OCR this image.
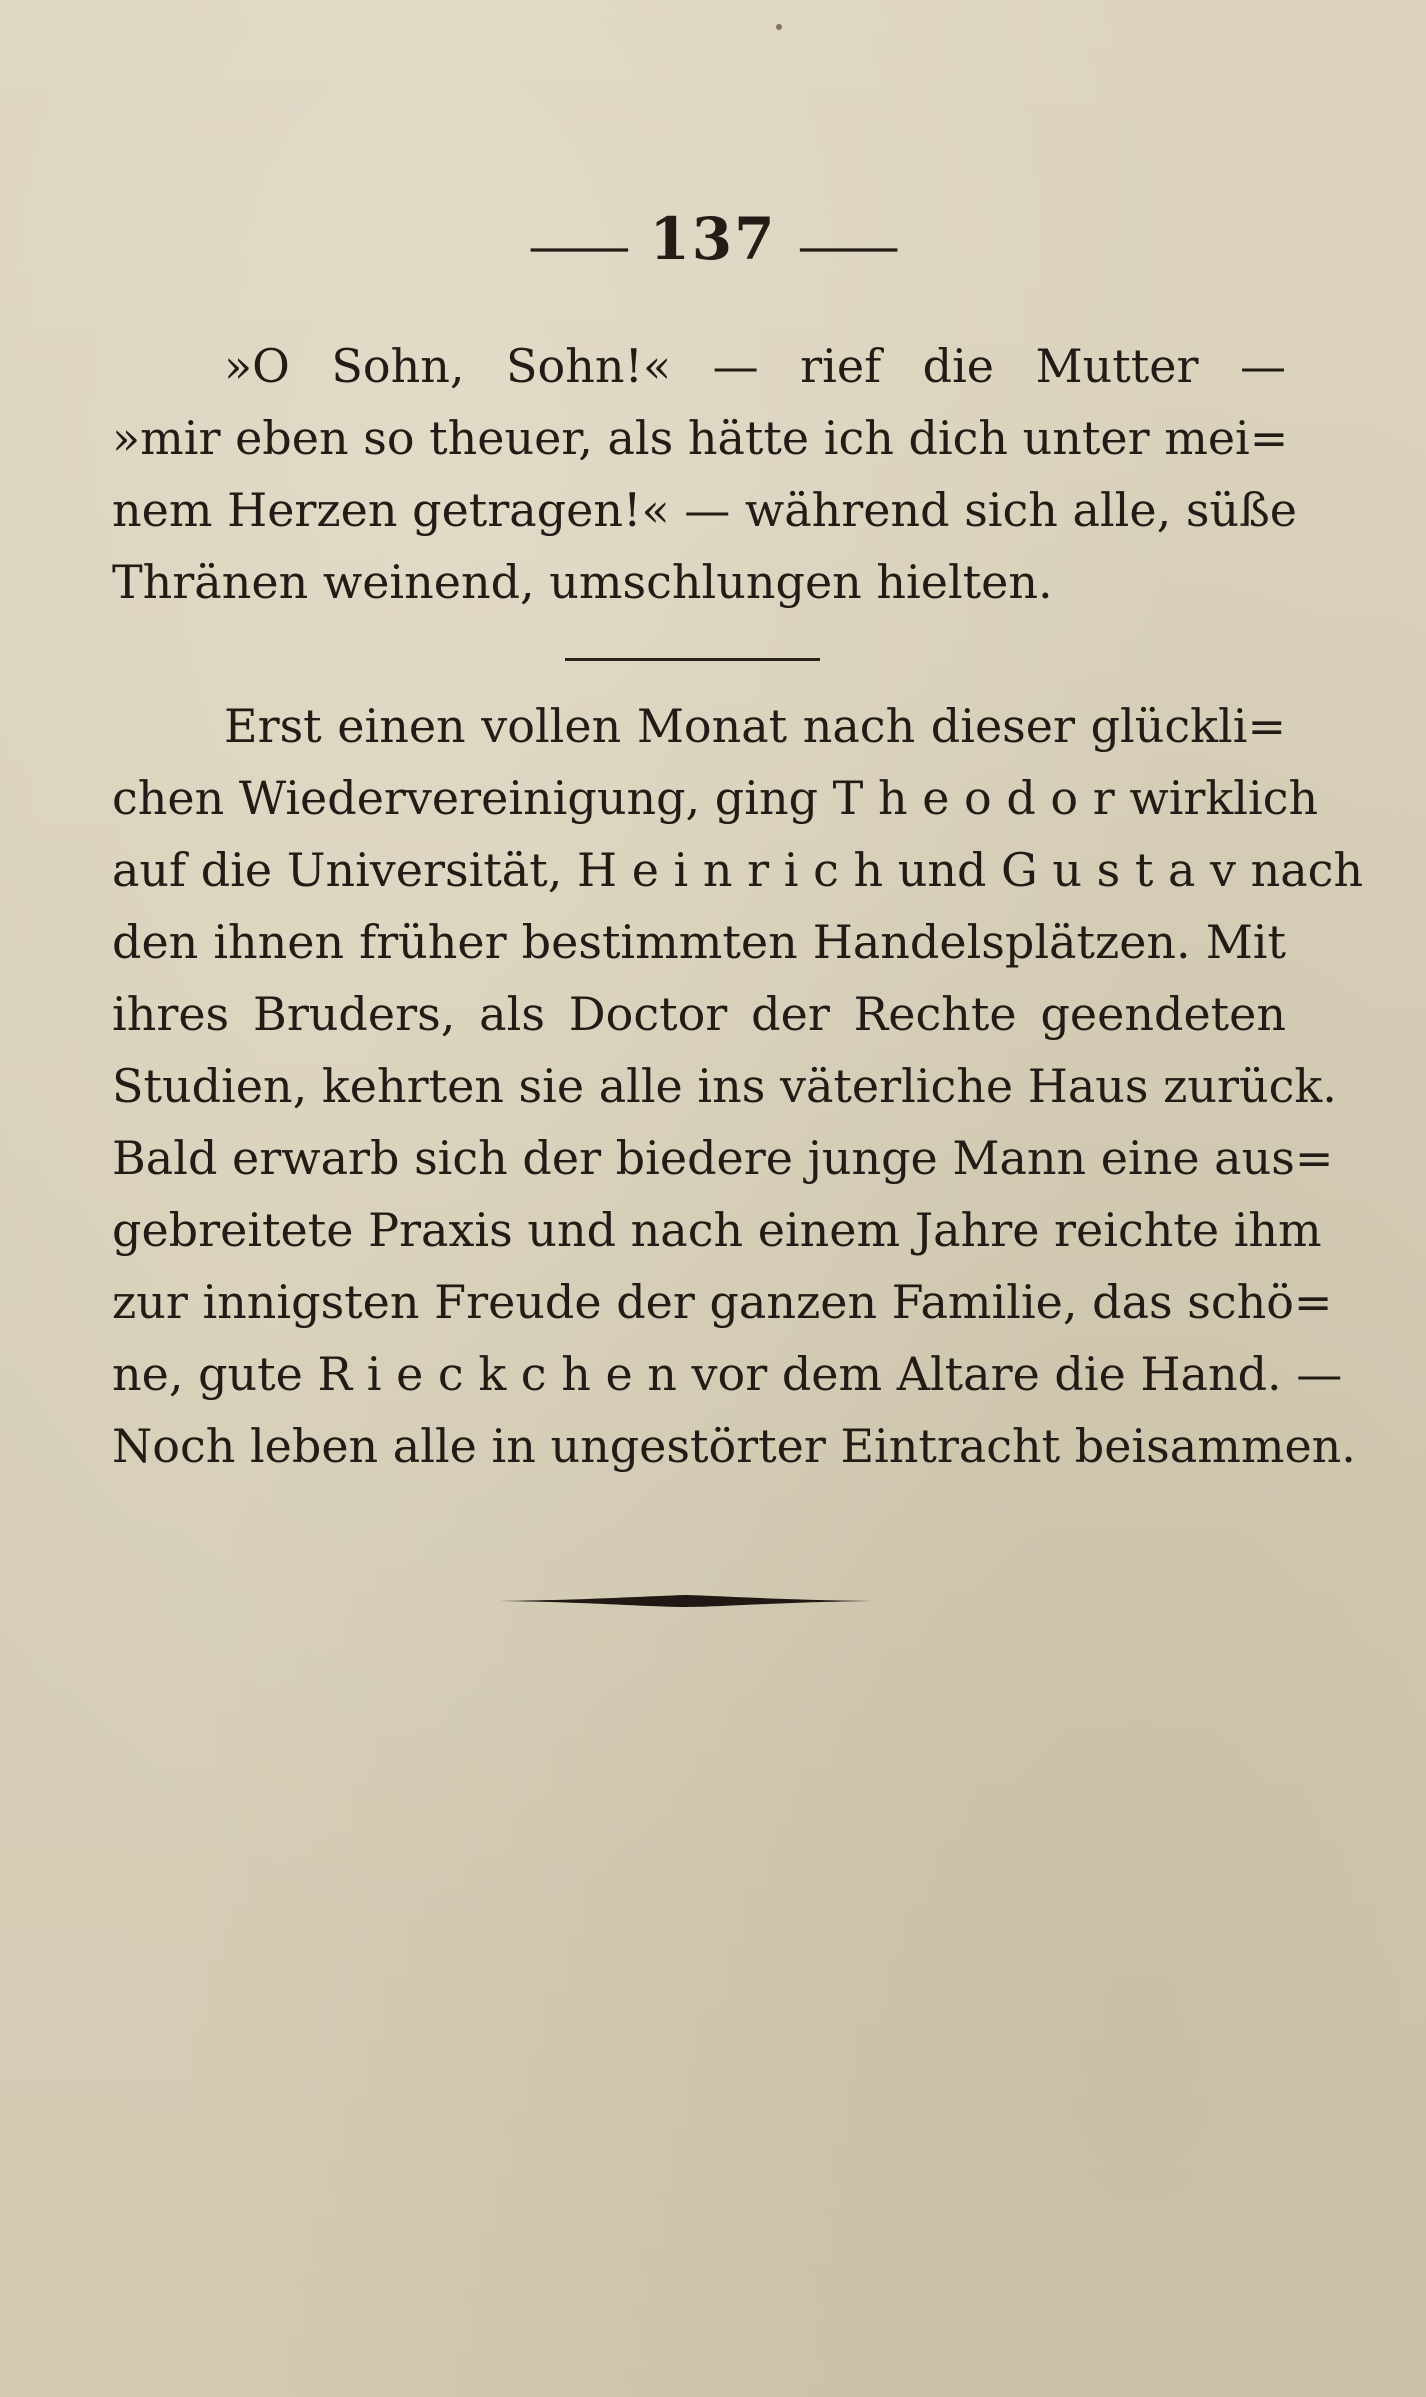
⸻ 137 ⸻
»O Sohn, Sohn!« — rief die Mutter —
»mir eben so theuer, als hätte ich dich unter mei=
nem Herzen getragen!« — während sich alle, süße
Thränen weinend, umschlungen hielten.
Erst einen vollen Monat nach dieser glückli=
chen Wiedervereinigung, ging T h e o d o r wirklich
auf die Universität, H e i n r i c h und G u s t a v nach
den ihnen früher bestimmten Handelsplätzen. Mit
ihres Bruders, als Doctor der Rechte geendeten
Studien, kehrten sie alle ins väterliche Haus zurück.
Bald erwarb sich der biedere junge Mann eine aus=
gebreitete Praxis und nach einem Jahre reichte ihm
zur innigsten Freude der ganzen Familie, das schö=
ne, gute R i e c k c h e n vor dem Altare die Hand. —
Noch leben alle in ungestörter Eintracht beisammen.
